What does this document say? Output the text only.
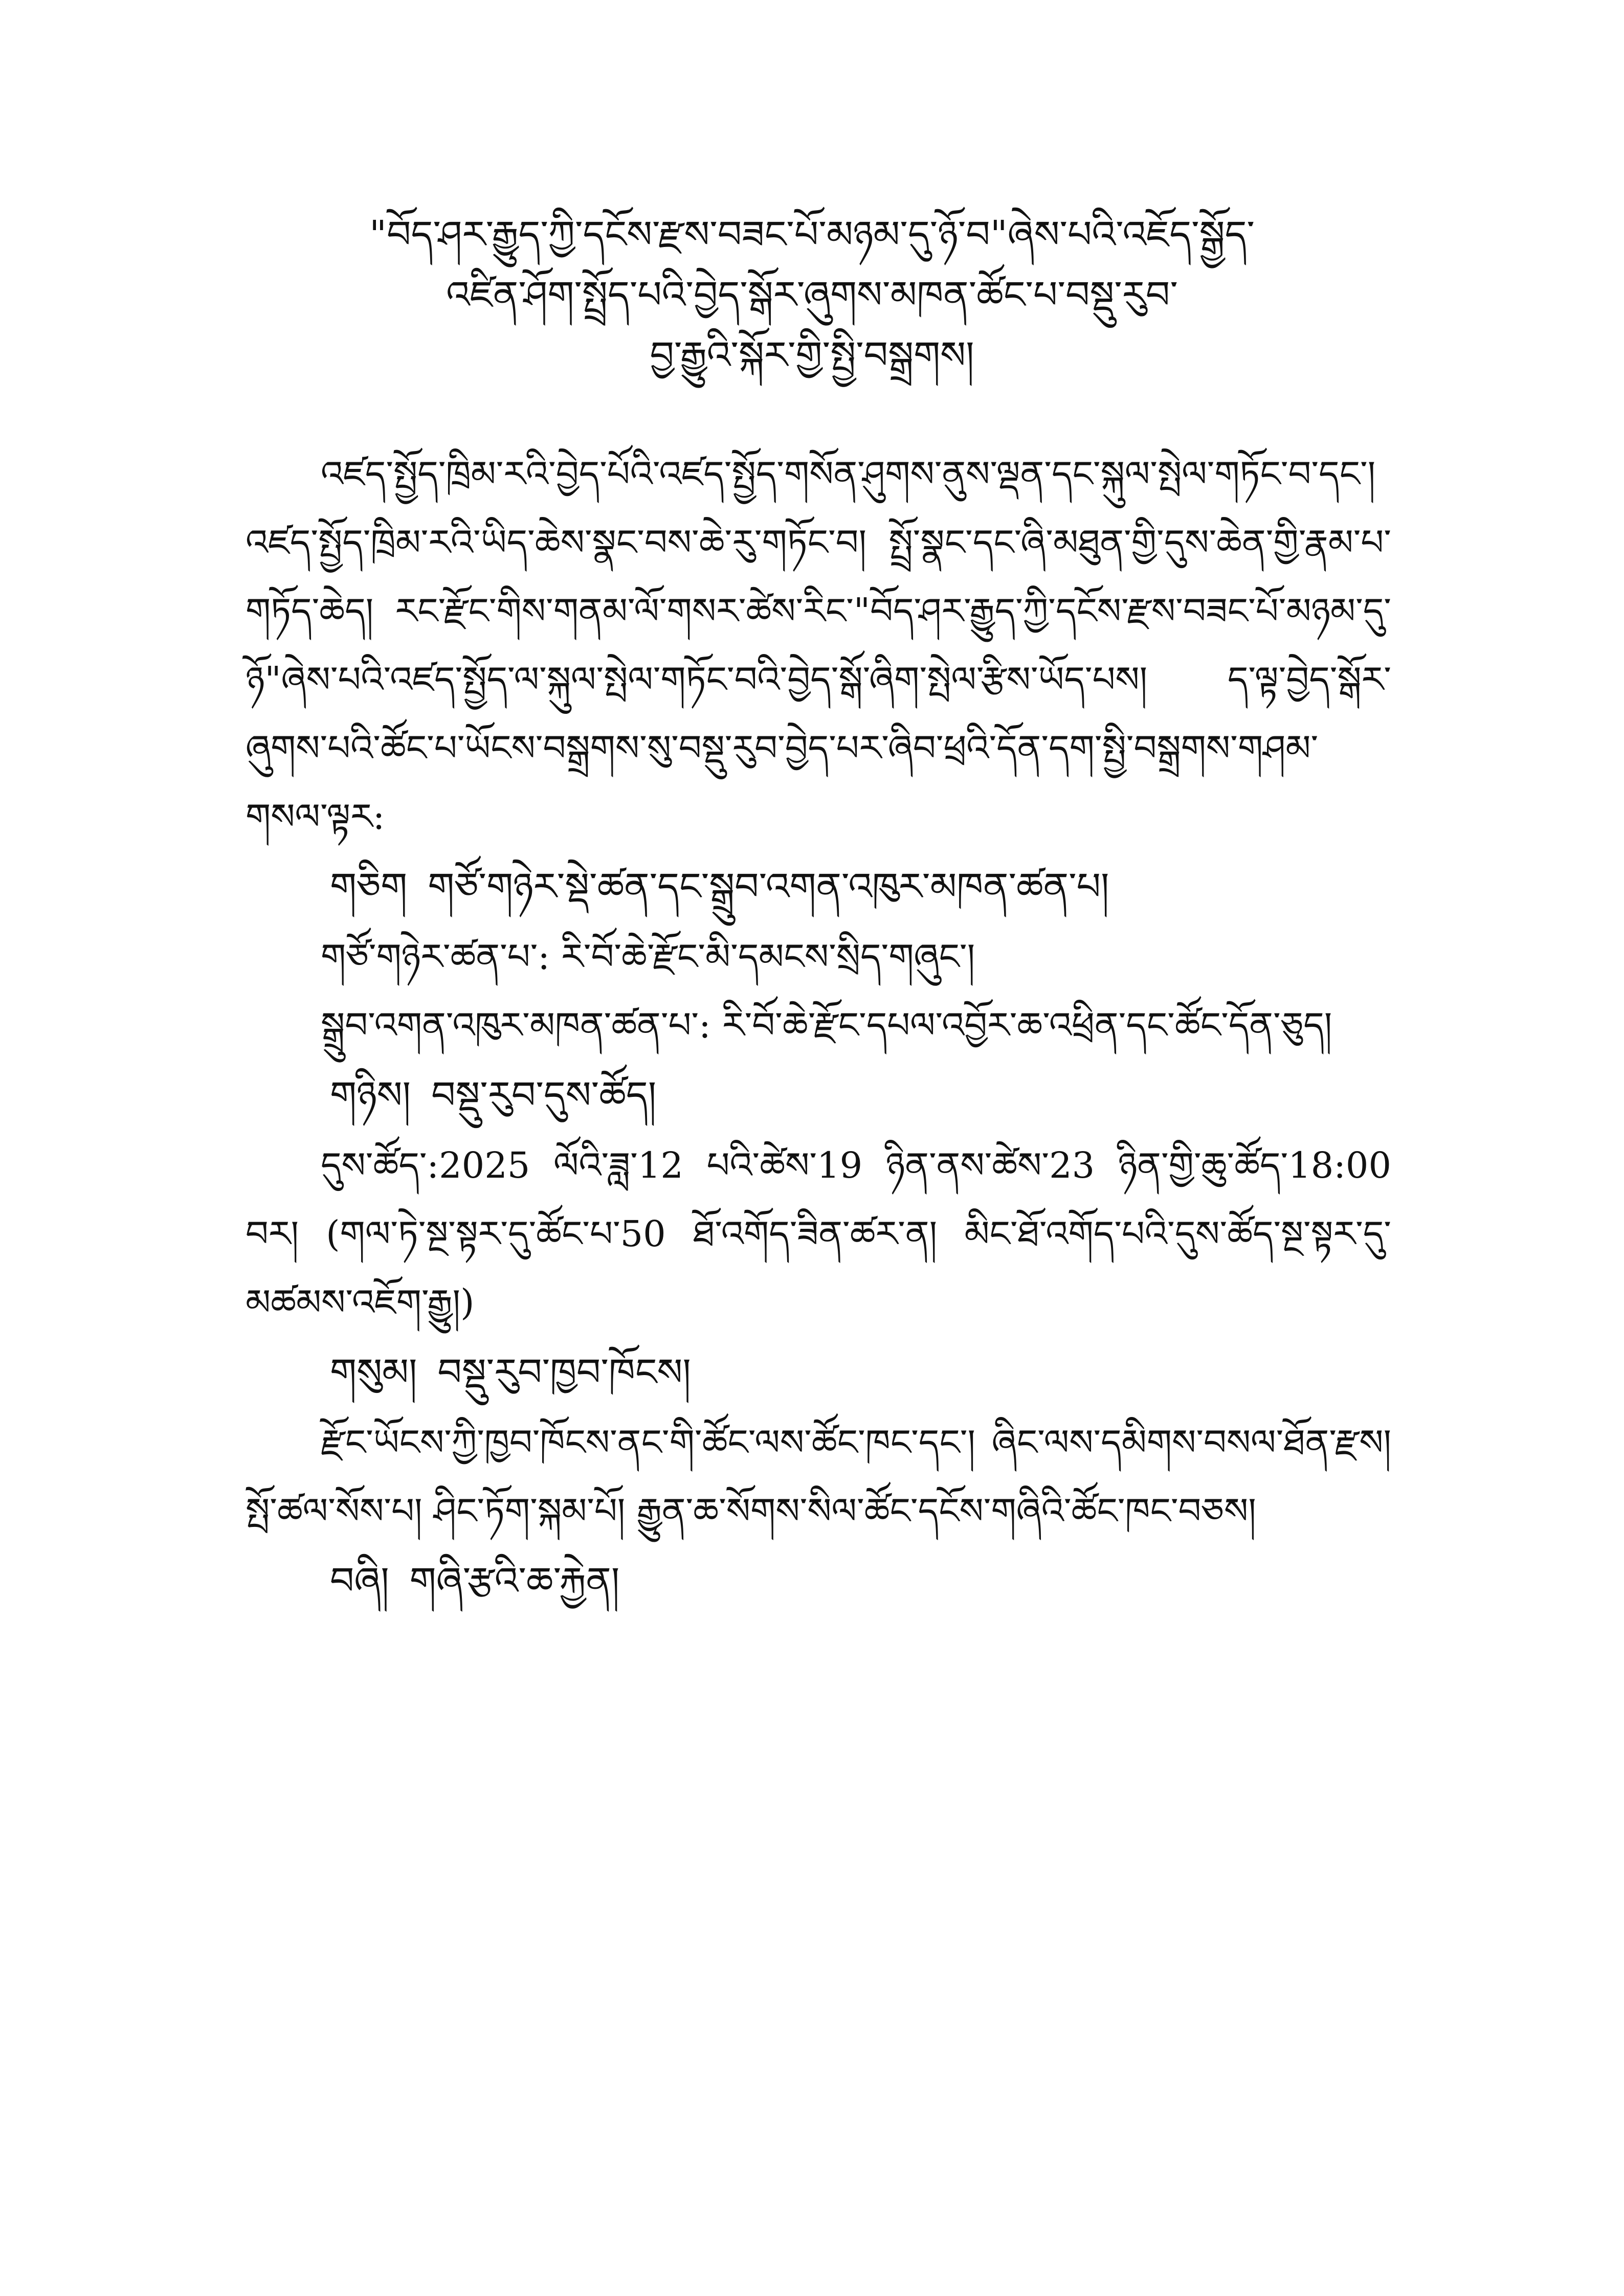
"བོད་ཤར་རྒྱུད་ཀྱི་དངོས་རྫས་བཟང་པོ་མཉམ་དུ་ཉོ་བ"ཞེས་པའི་འཇོད་སྒྱོད་
འཛིན་ཤོག་སྤྲོད་པའི་བྱེད་སྒོར་ཞུགས་མཁན་ཚོང་པ་བསྡུ་རུབ་
བྱ་རྒྱུའི་སྐོར་གྱི་སྤྱི་བསྒྲགས།

འཛད་སྤྱོད་ཁྲིམ་རའི་བྱེད་པོའི་འཛད་སྤྱོད་གསོན་ཤུགས་ནུས་ལྡན་དང་སྐུལ་སྤེལ་གཏོང་བ་དང་། འཛད་སྤྱོད་ཁྲིམ་རའི་ཡིད་ཆེས་སྣང་བས་ཆེ་རུ་གཏོང་བ། སྤྲོ་སྣང་དང་ཞི་མཐུན་གྱི་དུས་ཆེན་གྱི་རྣམ་པ་གཏོད་ཆེད། རང་རྫོང་གིས་གནམ་ལོ་གསར་ཚེས་རིང་"བོད་ཤར་རྒྱུད་ཀྱི་དངོས་རྫས་བཟང་པོ་མཉམ་དུ་ཉོ"ཞེས་པའི་འཛད་སྤྱོད་ལ་སྐུལ་སྤེལ་གཏོང་བའི་བྱེད་སྒོ་ཞིག་སྤེལ་རྩིས་ཡོད་པས། ད་ལྟ་བྱེད་སྒོར་ཞུགས་པའི་ཚོང་པ་ཡོངས་བསྒྲགས་སུ་བསྡུ་རུབ་བྱེད་པར་ཞིབ་ཕྲའི་དོན་དག་སྤྱི་བསྒྲགས་གཤམ་གསལ་ལྟར:

གཅིག གཙོ་གཉེར་སྡེ་ཚན་དང་སྒྲུབ་འགན་འཁུར་མཁན་ཚན་པ།

གཙོ་གཉེར་ཚན་པ་: རི་བོ་ཆེ་རྫོང་མི་དམངས་སྲིད་གཞུང་།

སྒྲུབ་འགན་འཁུར་མཁན་ཚན་པ་: རི་བོ་ཆེ་རྫོང་དཔལ་འབྱོར་ཆ་འཕྲིན་དང་ཚོང་དོན་ཅུད།

གཉིས། བསྡུ་རུབ་དུས་ཚོད།

དུས་ཚོད་:2025 ལོའི་ཟླ་12 པའི་ཚེས་19 ཉིན་ནས་ཚེས་23 ཉིན་གྱི་ཆུ་ཚོད་18:00 བར། (གལ་ཏེ་སྔ་སྟར་དུ་ཚོང་པ་50 ཐོ་འགོད་ཟིན་ཚར་ན། མིང་ཐོ་འགོད་པའི་དུས་ཚོད་སྔ་སྟར་དུ་མཚམས་འཇོག་རྒྱུ།)

གསུམ། བསྡུ་རུབ་ཁྱབ་ཁོངས།

རྫོང་ཡོངས་ཀྱི་ཁྱབ་ཁོངས་ནང་གི་ཚོང་ལས་ཚོང་ཁང་དང་། ཞིང་ལས་དམིགས་བསལ་ཐོན་རྫས། སྤོ་ཚལ་སོས་པ། ཤིང་ཏོག་སྐམ་པོ། རྒྱུན་ཆ་སོགས་སིལ་ཚོང་དངོས་གཞིའི་ཚོང་ཁང་བཅས།

བཞི། གཞི་རྩའི་ཆ་རྐྱེན།
